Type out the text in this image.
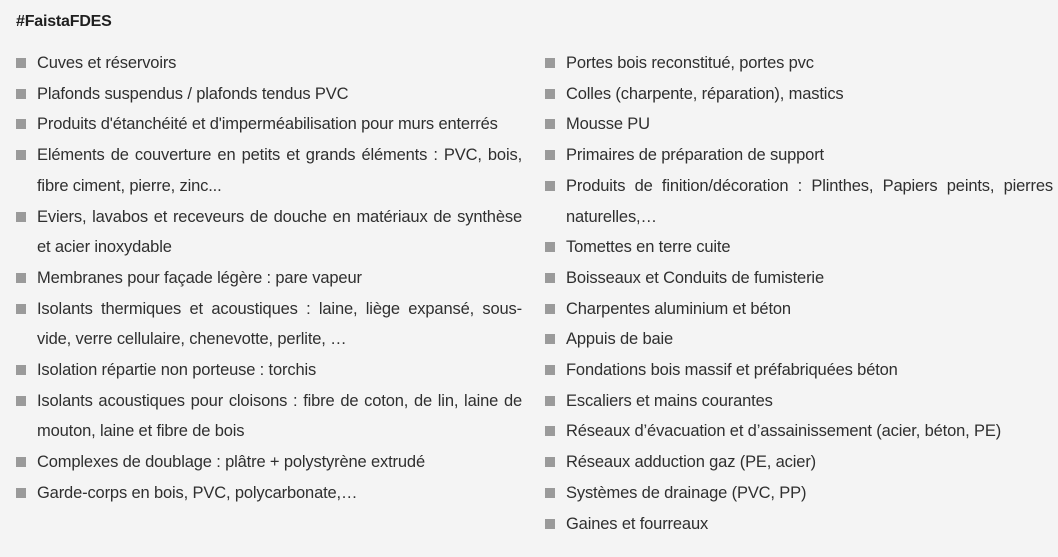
#FaistaFDES
Cuves et réservoirs
Plafonds suspendus / plafonds tendus PVC
Produits d'étanchéité et d'imperméabilisation pour murs enterrés
Eléments de couverture en petits et grands éléments : PVC, bois, fibre ciment, pierre, zinc...
Eviers, lavabos et receveurs de douche en matériaux de synthèse et acier inoxydable
Membranes pour façade légère : pare vapeur
Isolants thermiques et acoustiques : laine, liège expansé, sous-vide, verre cellulaire, chenevotte, perlite, …
Isolation répartie non porteuse : torchis
Isolants acoustiques pour cloisons : fibre de coton, de lin, laine de mouton, laine et fibre de bois
Complexes de doublage : plâtre + polystyrène extrudé
Garde-corps en bois, PVC, polycarbonate,…
Portes bois reconstitué, portes pvc
Colles (charpente, réparation), mastics
Mousse PU
Primaires de préparation de support
Produits de finition/décoration : Plinthes, Papiers peints, pierres naturelles,…
Tomettes en terre cuite
Boisseaux et Conduits de fumisterie
Charpentes aluminium et béton
Appuis de baie
Fondations bois massif et préfabriquées béton
Escaliers et mains courantes
Réseaux d’évacuation et d’assainissement (acier, béton, PE)
Réseaux adduction gaz (PE, acier)
Systèmes de drainage (PVC, PP)
Gaines et fourreaux
